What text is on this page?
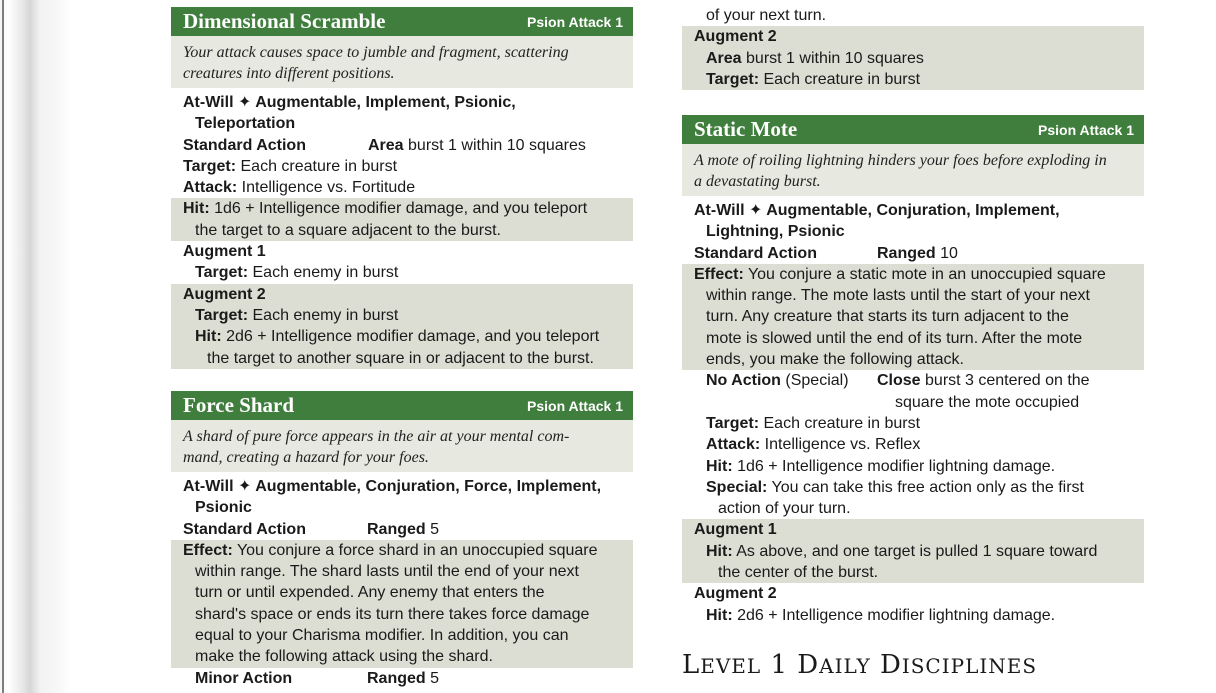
Dimensional Scramble	Psion Attack 1
Your attack causes space to jumble and fragment, scattering
creatures into different positions.
At-Will ✦ Augmentable, Implement, Psionic,
Teleportation
Standard Action	Area burst 1 within 10 squares
Target: Each creature in burst
Attack: Intelligence vs. Fortitude
Hit: 1d6 + Intelligence modifier damage, and you teleport
the target to a square adjacent to the burst.
Augment 1
Target: Each enemy in burst
Augment 2
Target: Each enemy in burst
Hit: 2d6 + Intelligence modifier damage, and you teleport
the target to another square in or adjacent to the burst.
Force Shard	Psion Attack 1
A shard of pure force appears in the air at your mental com-
mand, creating a hazard for your foes.
At-Will ✦ Augmentable, Conjuration, Force, Implement,
Psionic
Standard Action	Ranged 5
Effect: You conjure a force shard in an unoccupied square
within range. The shard lasts until the end of your next
turn or until expended. Any enemy that enters the
shard's space or ends its turn there takes force damage
equal to your Charisma modifier. In addition, you can
make the following attack using the shard.
Minor Action	Ranged 5
of your next turn.
Augment 2
Area burst 1 within 10 squares
Target: Each creature in burst
Static Mote	Psion Attack 1
A mote of roiling lightning hinders your foes before exploding in
a devastating burst.
At-Will ✦ Augmentable, Conjuration, Implement,
Lightning, Psionic
Standard Action	Ranged 10
Effect: You conjure a static mote in an unoccupied square
within range. The mote lasts until the start of your next
turn. Any creature that starts its turn adjacent to the
mote is slowed until the end of its turn. After the mote
ends, you make the following attack.
No Action (Special) Close burst 3 centered on the
square the mote occupied
Target: Each creature in burst
Attack: Intelligence vs. Reflex
Hit: 1d6 + Intelligence modifier lightning damage.
Special: You can take this free action only as the first
action of your turn.
Augment 1
Hit: As above, and one target is pulled 1 square toward
the center of the burst.
Augment 2
Hit: 2d6 + Intelligence modifier lightning damage.
LEVEL 1 DAILY DISCIPLINES
